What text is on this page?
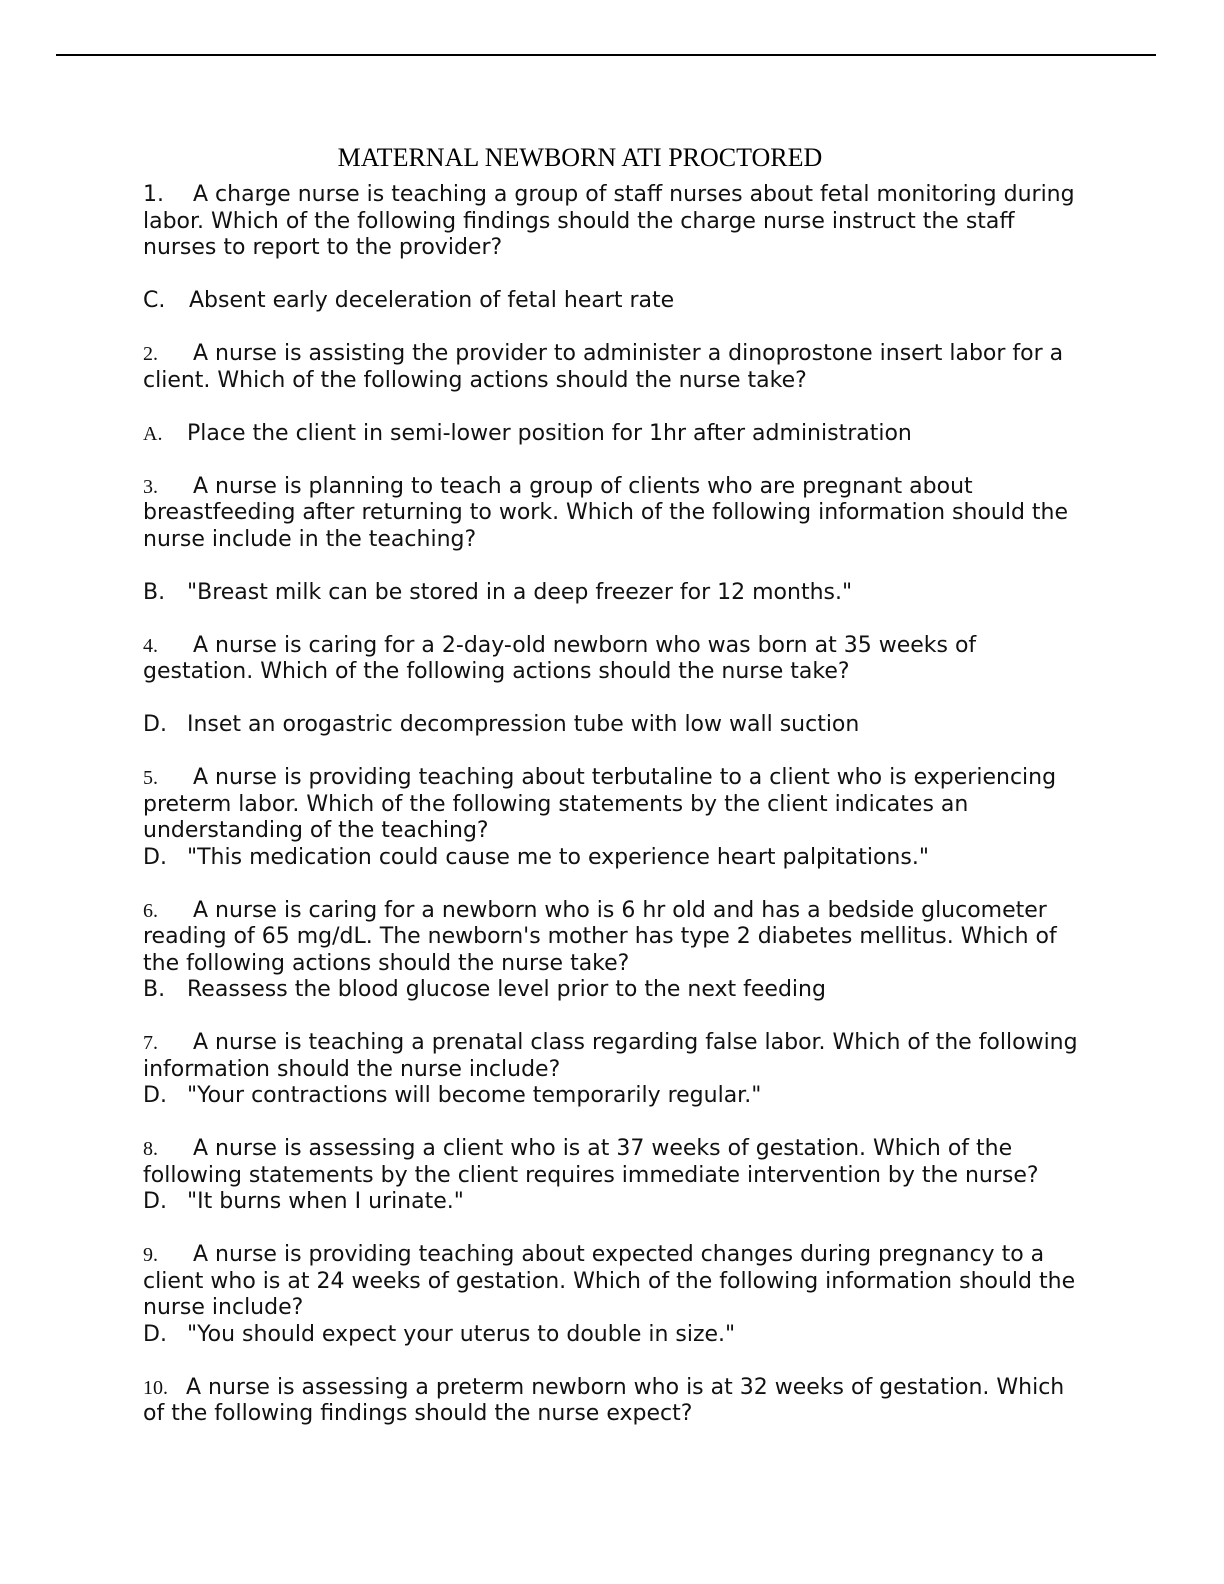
MATERNAL NEWBORN ATI PROCTORED

1. A charge nurse is teaching a group of staff nurses about fetal monitoring during labor. Which of the following findings should the charge nurse instruct the staff nurses to report to the provider?

C. Absent early deceleration of fetal heart rate

2. A nurse is assisting the provider to administer a dinoprostone insert labor for a client. Which of the following actions should the nurse take?

A. Place the client in semi-lower position for 1hr after administration

3. A nurse is planning to teach a group of clients who are pregnant about breastfeeding after returning to work. Which of the following information should the nurse include in the teaching?

B. "Breast milk can be stored in a deep freezer for 12 months."

4. A nurse is caring for a 2-day-old newborn who was born at 35 weeks of gestation. Which of the following actions should the nurse take?

D. Inset an orogastric decompression tube with low wall suction

5. A nurse is providing teaching about terbutaline to a client who is experiencing preterm labor. Which of the following statements by the client indicates an understanding of the teaching?

D. "This medication could cause me to experience heart palpitations."

6. A nurse is caring for a newborn who is 6 hr old and has a bedside glucometer reading of 65 mg/dL. The newborn's mother has type 2 diabetes mellitus. Which of the following actions should the nurse take?

B. Reassess the blood glucose level prior to the next feeding

7. A nurse is teaching a prenatal class regarding false labor. Which of the following information should the nurse include?

D. "Your contractions will become temporarily regular."

8. A nurse is assessing a client who is at 37 weeks of gestation. Which of the following statements by the client requires immediate intervention by the nurse?

D. "It burns when I urinate."

9. A nurse is providing teaching about expected changes during pregnancy to a client who is at 24 weeks of gestation. Which of the following information should the nurse include?

D. "You should expect your uterus to double in size."

10. A nurse is assessing a preterm newborn who is at 32 weeks of gestation. Which of the following findings should the nurse expect?
